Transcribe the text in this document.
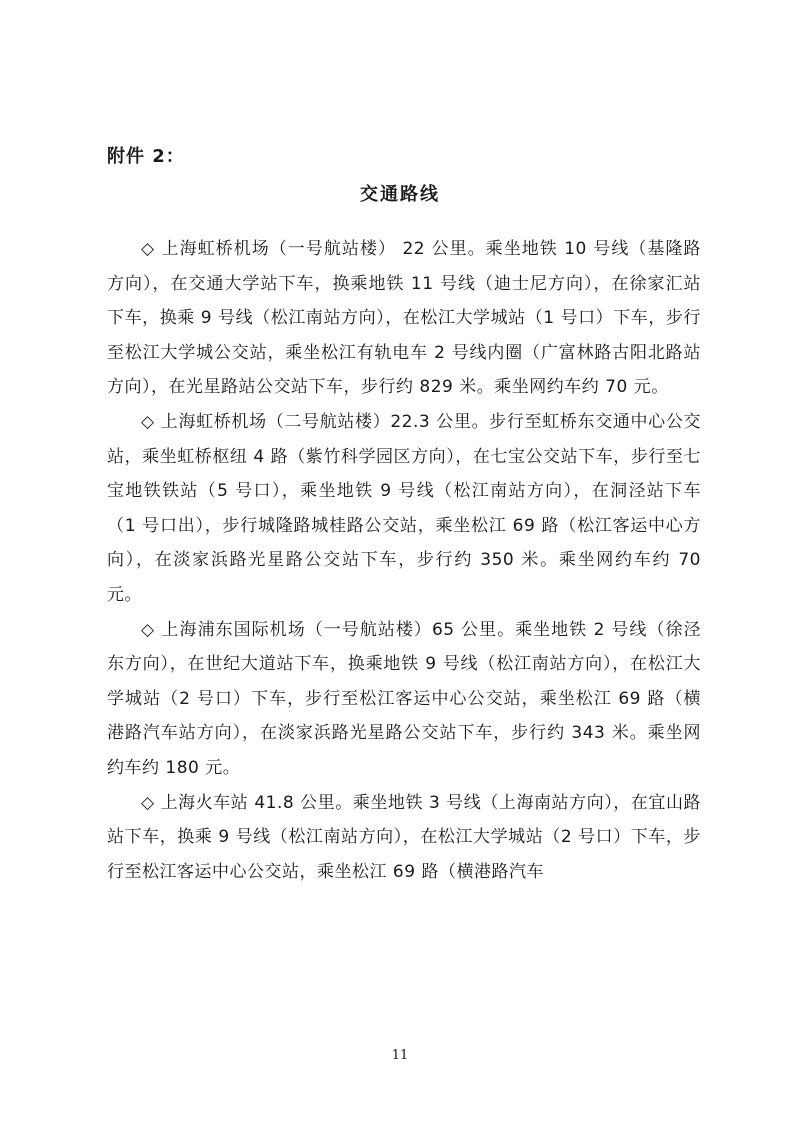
附件 2：
交通路线

◇ 上海虹桥机场（一号航站楼） 22 公里。乘坐地铁 10 号线（基隆路方向），在交通大学站下车，换乘地铁 11 号线（迪士尼方向），在徐家汇站下车，换乘 9 号线（松江南站方向），在松江大学城站（1 号口）下车，步行至松江大学城公交站，乘坐松江有轨电车 2 号线内圈（广富林路古阳北路站方向），在光星路站公交站下车，步行约 829 米。乘坐网约车约 70 元。

◇ 上海虹桥机场（二号航站楼）22.3 公里。步行至虹桥东交通中心公交站，乘坐虹桥枢纽 4 路（紫竹科学园区方向），在七宝公交站下车，步行至七宝地铁铁站（5 号口），乘坐地铁 9 号线（松江南站方向），在洞泾站下车（1 号口出），步行城隆路城桂路公交站，乘坐松江 69 路（松江客运中心方向），在淡家浜路光星路公交站下车，步行约 350 米。乘坐网约车约 70 元。

◇ 上海浦东国际机场（一号航站楼）65 公里。乘坐地铁 2 号线（徐泾东方向），在世纪大道站下车，换乘地铁 9 号线（松江南站方向），在松江大学城站（2 号口）下车，步行至松江客运中心公交站，乘坐松江 69 路（横港路汽车站方向），在淡家浜路光星路公交站下车，步行约 343 米。乘坐网约车约 180 元。

◇ 上海火车站 41.8 公里。乘坐地铁 3 号线（上海南站方向），在宜山路站下车，换乘 9 号线（松江南站方向），在松江大学城站（2 号口）下车，步行至松江客运中心公交站，乘坐松江 69 路（横港路汽车

11
